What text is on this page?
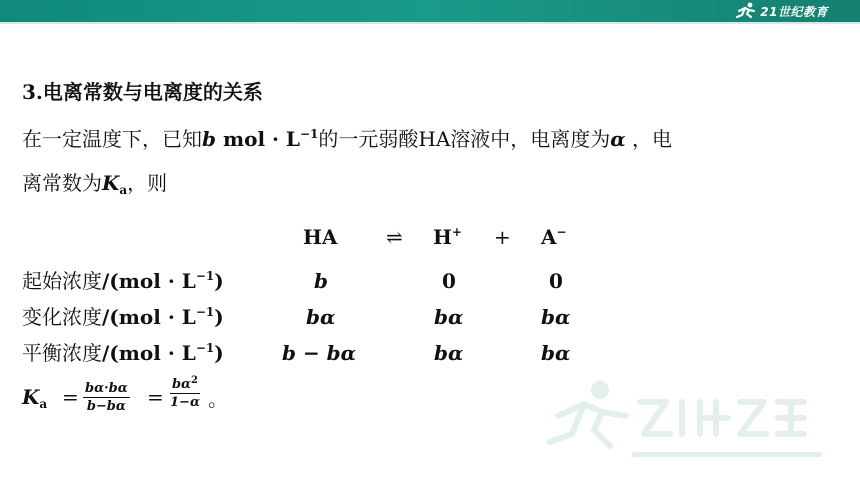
21世纪教育
3.电离常数与电离度的关系
在一定温度下，已知b mol · $L^{-1}$的一元弱酸HA溶液中，电离度为α ，电
离常数为$K_a$，则
HA ⇌ H+ + A−
起始浓度$/(mol \cdot L^{-1})$	b	0	0
变化浓度$/(mol \cdot L^{-1})$	bα	bα	bα
平衡浓度$/(mol \cdot L^{-1})$	b − bα	bα	bα
$K_a = \frac{b\alpha\cdot b\alpha}{b-b\alpha} = \frac{b\alpha^2}{1-\alpha}$ 。
